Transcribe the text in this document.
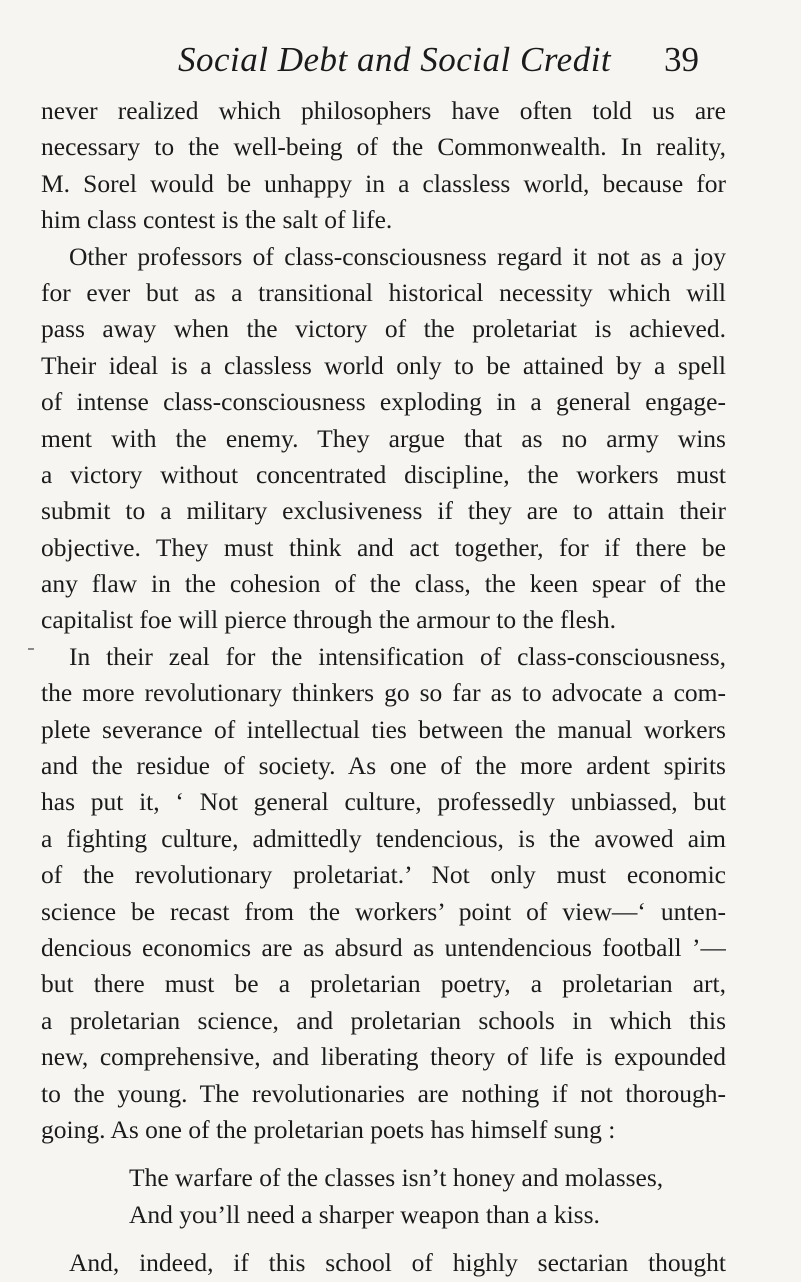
Social Debt and Social Credit 39
never realized which philosophers have often told us are
necessary to the well-being of the Commonwealth. In reality,
M. Sorel would be unhappy in a classless world, because for
him class contest is the salt of life.
Other professors of class-consciousness regard it not as a joy
for ever but as a transitional historical necessity which will
pass away when the victory of the proletariat is achieved.
Their ideal is a classless world only to be attained by a spell
of intense class-consciousness exploding in a general engage-
ment with the enemy. They argue that as no army wins
a victory without concentrated discipline, the workers must
submit to a military exclusiveness if they are to attain their
objective. They must think and act together, for if there be
any flaw in the cohesion of the class, the keen spear of the
capitalist foe will pierce through the armour to the flesh.
In their zeal for the intensification of class-consciousness,
the more revolutionary thinkers go so far as to advocate a com-
plete severance of intellectual ties between the manual workers
and the residue of society. As one of the more ardent spirits
has put it, ‘ Not general culture, professedly unbiassed, but
a fighting culture, admittedly tendencious, is the avowed aim
of the revolutionary proletariat.’ Not only must economic
science be recast from the workers’ point of view—‘ unten-
dencious economics are as absurd as untendencious football ’—
but there must be a proletarian poetry, a proletarian art,
a proletarian science, and proletarian schools in which this
new, comprehensive, and liberating theory of life is expounded
to the young. The revolutionaries are nothing if not thorough-
going. As one of the proletarian poets has himself sung :
The warfare of the classes isn’t honey and molasses,
And you’ll need a sharper weapon than a kiss.
And, indeed, if this school of highly sectarian thought
